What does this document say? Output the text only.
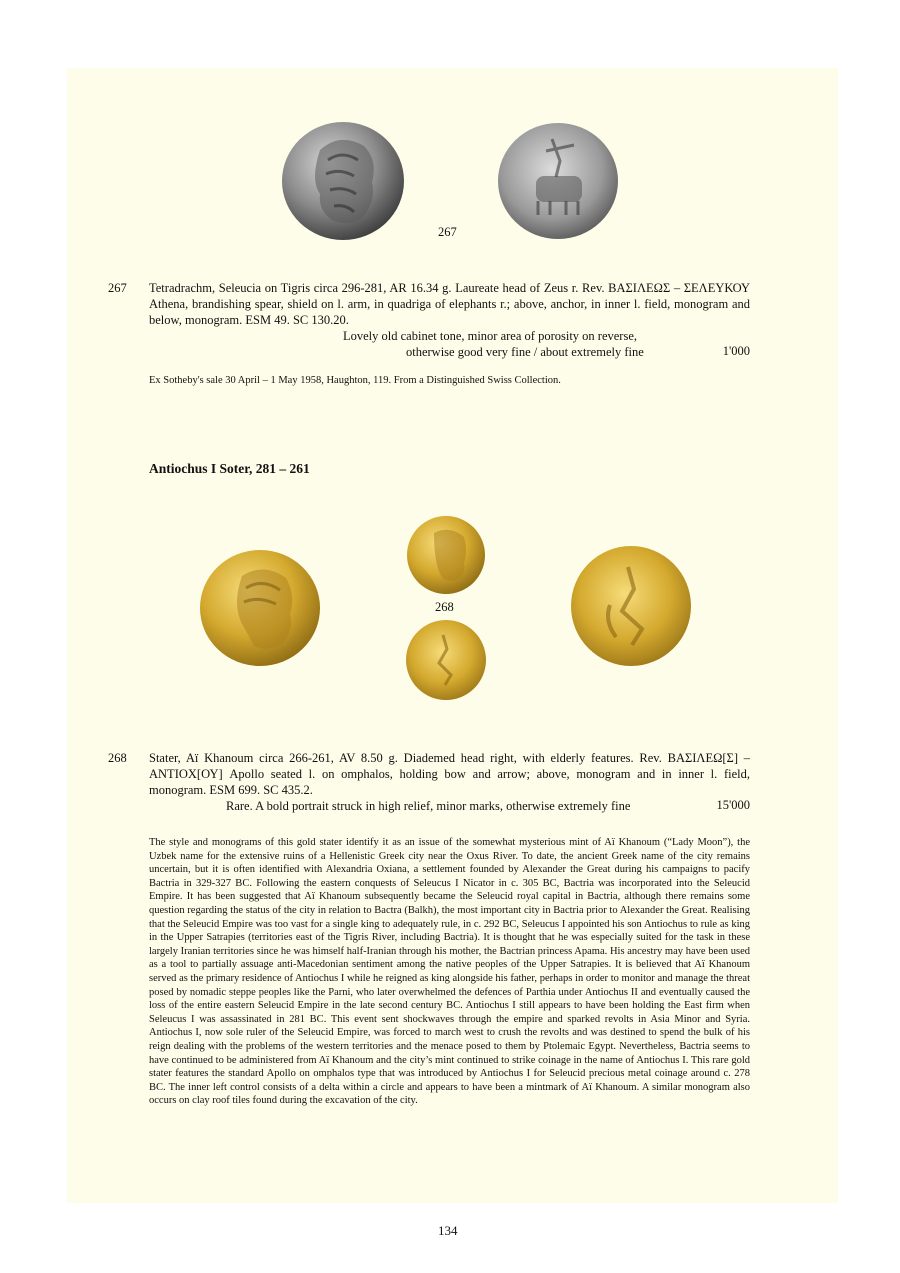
267
267 Tetradrachm, Seleucia on Tigris circa 296-281, AR 16.34 g. Laureate head of Zeus r. Rev. ΒΑΣΙΛΕΩΣ – ΣΕΛΕΥΚΟΥ Athena, brandishing spear, shield on l. arm, in quadriga of elephants r.; above, anchor, in inner l. field, monogram and below, monogram. ESM 49. SC 130.20.
Lovely old cabinet tone, minor area of porosity on reverse,
otherwise good very fine / about extremely fine	1'000
Ex Sotheby's sale 30 April – 1 May 1958, Haughton, 119. From a Distinguished Swiss Collection.
Antiochus I Soter, 281 – 261
268
268 Stater, Aï Khanoum circa 266-261, AV 8.50 g. Diademed head right, with elderly features. Rev. ΒΑΣΙΛΕΩ[Σ] – ΑΝΤΙΟΧ[ΟΥ] Apollo seated l. on omphalos, holding bow and arrow; above, monogram and in inner l. field, monogram. ESM 699. SC 435.2.
Rare. A bold portrait struck in high relief, minor marks, otherwise extremely fine	15'000
The style and monograms of this gold stater identify it as an issue of the somewhat mysterious mint of Aï Khanoum (“Lady Moon”), the Uzbek name for the extensive ruins of a Hellenistic Greek city near the Oxus River. To date, the ancient Greek name of the city remains uncertain, but it is often identified with Alexandria Oxiana, a settlement founded by Alexander the Great during his campaigns to pacify Bactria in 329-327 BC. Following the eastern conquests of Seleucus I Nicator in c. 305 BC, Bactria was incorporated into the Seleucid Empire. It has been suggested that Aï Khanoum subsequently became the Seleucid royal capital in Bactria, although there remains some question regarding the status of the city in relation to Bactra (Balkh), the most important city in Bactria prior to Alexander the Great. Realising that the Seleucid Empire was too vast for a single king to adequately rule, in c. 292 BC, Seleucus I appointed his son Antiochus to rule as king in the Upper Satrapies (territories east of the Tigris River, including Bactria). It is thought that he was especially suited for the task in these largely Iranian territories since he was himself half-Iranian through his mother, the Bactrian princess Apama. His ancestry may have been used as a tool to partially assuage anti-Macedonian sentiment among the native peoples of the Upper Satrapies. It is believed that Aï Khanoum served as the primary residence of Antiochus I while he reigned as king alongside his father, perhaps in order to monitor and manage the threat posed by nomadic steppe peoples like the Parni, who later overwhelmed the defences of Parthia under Antiochus II and eventually caused the loss of the entire eastern Seleucid Empire in the late second century BC. Antiochus I still appears to have been holding the East firm when Seleucus I was assassinated in 281 BC. This event sent shockwaves through the empire and sparked revolts in Asia Minor and Syria. Antiochus I, now sole ruler of the Seleucid Empire, was forced to march west to crush the revolts and was destined to spend the bulk of his reign dealing with the problems of the western territories and the menace posed to them by Ptolemaic Egypt. Nevertheless, Bactria seems to have continued to be administered from Aï Khanoum and the city’s mint continued to strike coinage in the name of Antiochus I. This rare gold stater features the standard Apollo on omphalos type that was introduced by Antiochus I for Seleucid precious metal coinage around c. 278 BC. The inner left control consists of a delta within a circle and appears to have been a mintmark of Aï Khanoum. A similar monogram also occurs on clay roof tiles found during the excavation of the city.
134
